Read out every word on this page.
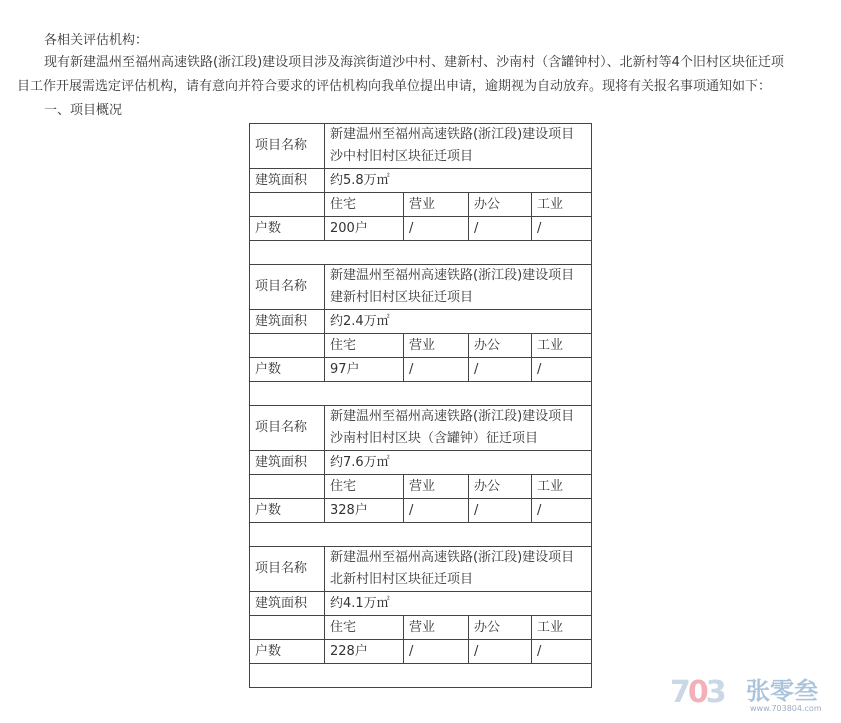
各相关评估机构：
现有新建温州至福州高速铁路(浙江段)建设项目涉及海滨街道沙中村、建新村、沙南村（含罐钟村）、北新村等4个旧村区块征迁项
目工作开展需选定评估机构，请有意向并符合要求的评估机构向我单位提出申请，逾期视为自动放弃。现将有关报名事项通知如下：
一、项目概况
项目名称	新建温州至福州高速铁路(浙江段)建设项目
沙中村旧村区块征迁项目			

建筑面积	约5.8万㎡			
	住宅	营业	办公	工业
户数	200户	/	/	/

项目名称	新建温州至福州高速铁路(浙江段)建设项目
建新村旧村区块征迁项目			

建筑面积	约2.4万㎡			
	住宅	营业	办公	工业
户数	97户	/	/	/

项目名称	新建温州至福州高速铁路(浙江段)建设项目
沙南村旧村区块（含罐钟）征迁项目			

建筑面积	约7.6万㎡			
	住宅	营业	办公	工业
户数	328户	/	/	/

项目名称	新建温州至福州高速铁路(浙江段)建设项目
北新村旧村区块征迁项目			

建筑面积	约4.1万㎡			
	住宅	营业	办公	工业
户数	228户	/	/	/

703 张零叁
www.703804.com
